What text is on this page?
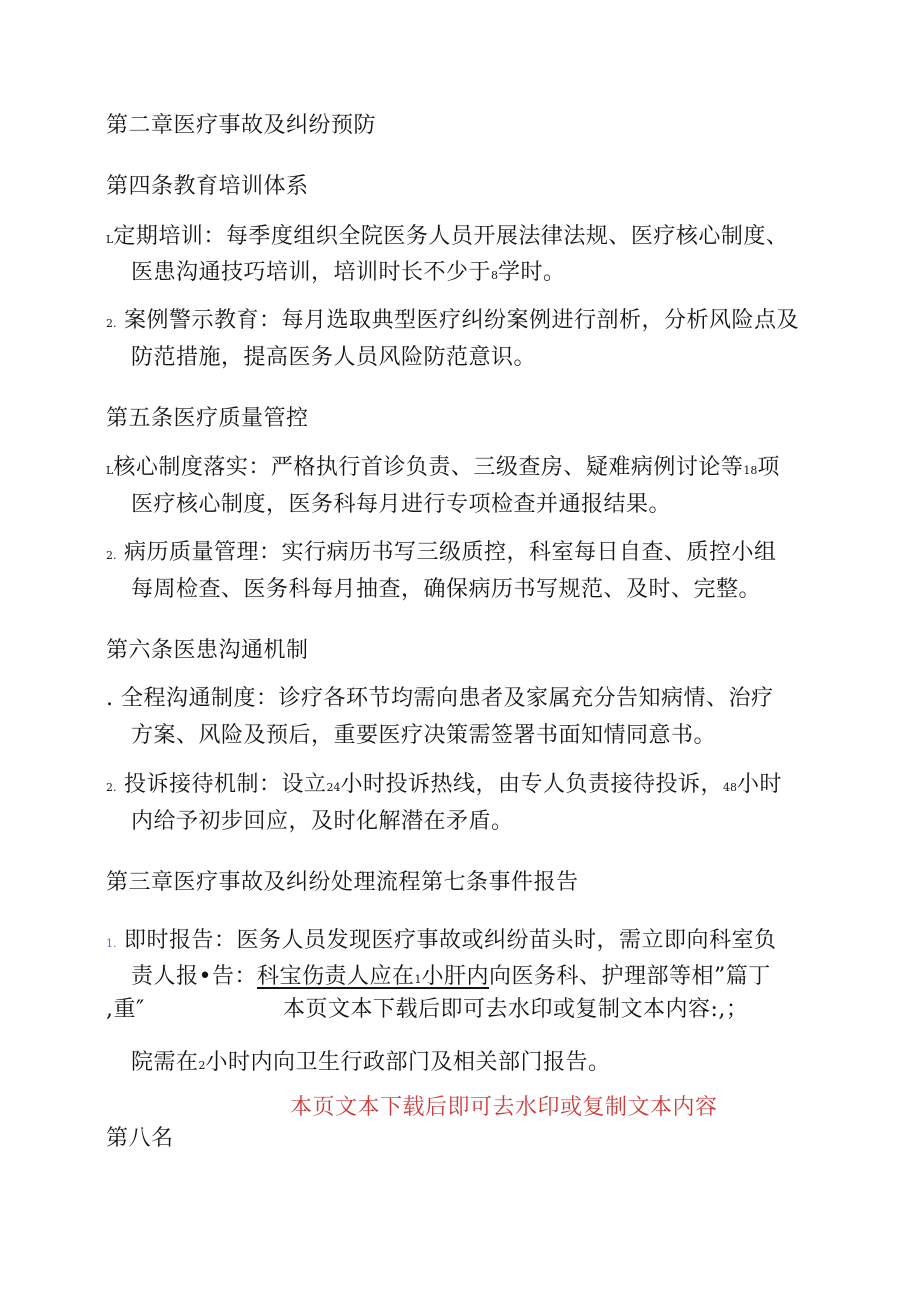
第二章医疗事故及纠纷预防
第四条教育培训体系
L定期培训：每季度组织全院医务人员开展法律法规、医疗核心制度、
医患沟通技巧培训，培训时长不少于8学时。
2. 案例警示教育：每月选取典型医疗纠纷案例进行剖析，分析风险点及
防范措施，提高医务人员风险防范意识。
第五条医疗质量管控
L核心制度落实：严格执行首诊负责、三级查房、疑难病例讨论等18项
医疗核心制度，医务科每月进行专项检查并通报结果。
2. 病历质量管理：实行病历书写三级质控，科室每日自查、质控小组
每周检查、医务科每月抽查，确保病历书写规范、及时、完整。
第六条医患沟通机制
. 全程沟通制度：诊疗各环节均需向患者及家属充分告知病情、治疗
方案、风险及预后，重要医疗决策需签署书面知情同意书。
2. 投诉接待机制：设立24小时投诉热线，由专人负责接待投诉，48小时
内给予初步回应，及时化解潜在矛盾。
第三章医疗事故及纠纷处理流程第七条事件报告
1. 即时报告：医务人员发现医疗事故或纠纷苗头时，需立即向科室负
责人报•告：科宝伤责人应在1小肝内向医务科、护理部等相”篇丁
,重″	本页文本下载后即可去水印或复制文本内容:,；
院需在2小时内向卫生行政部门及相关部门报告。
本页文本下载后即可去水印或复制文本内容
第八名
